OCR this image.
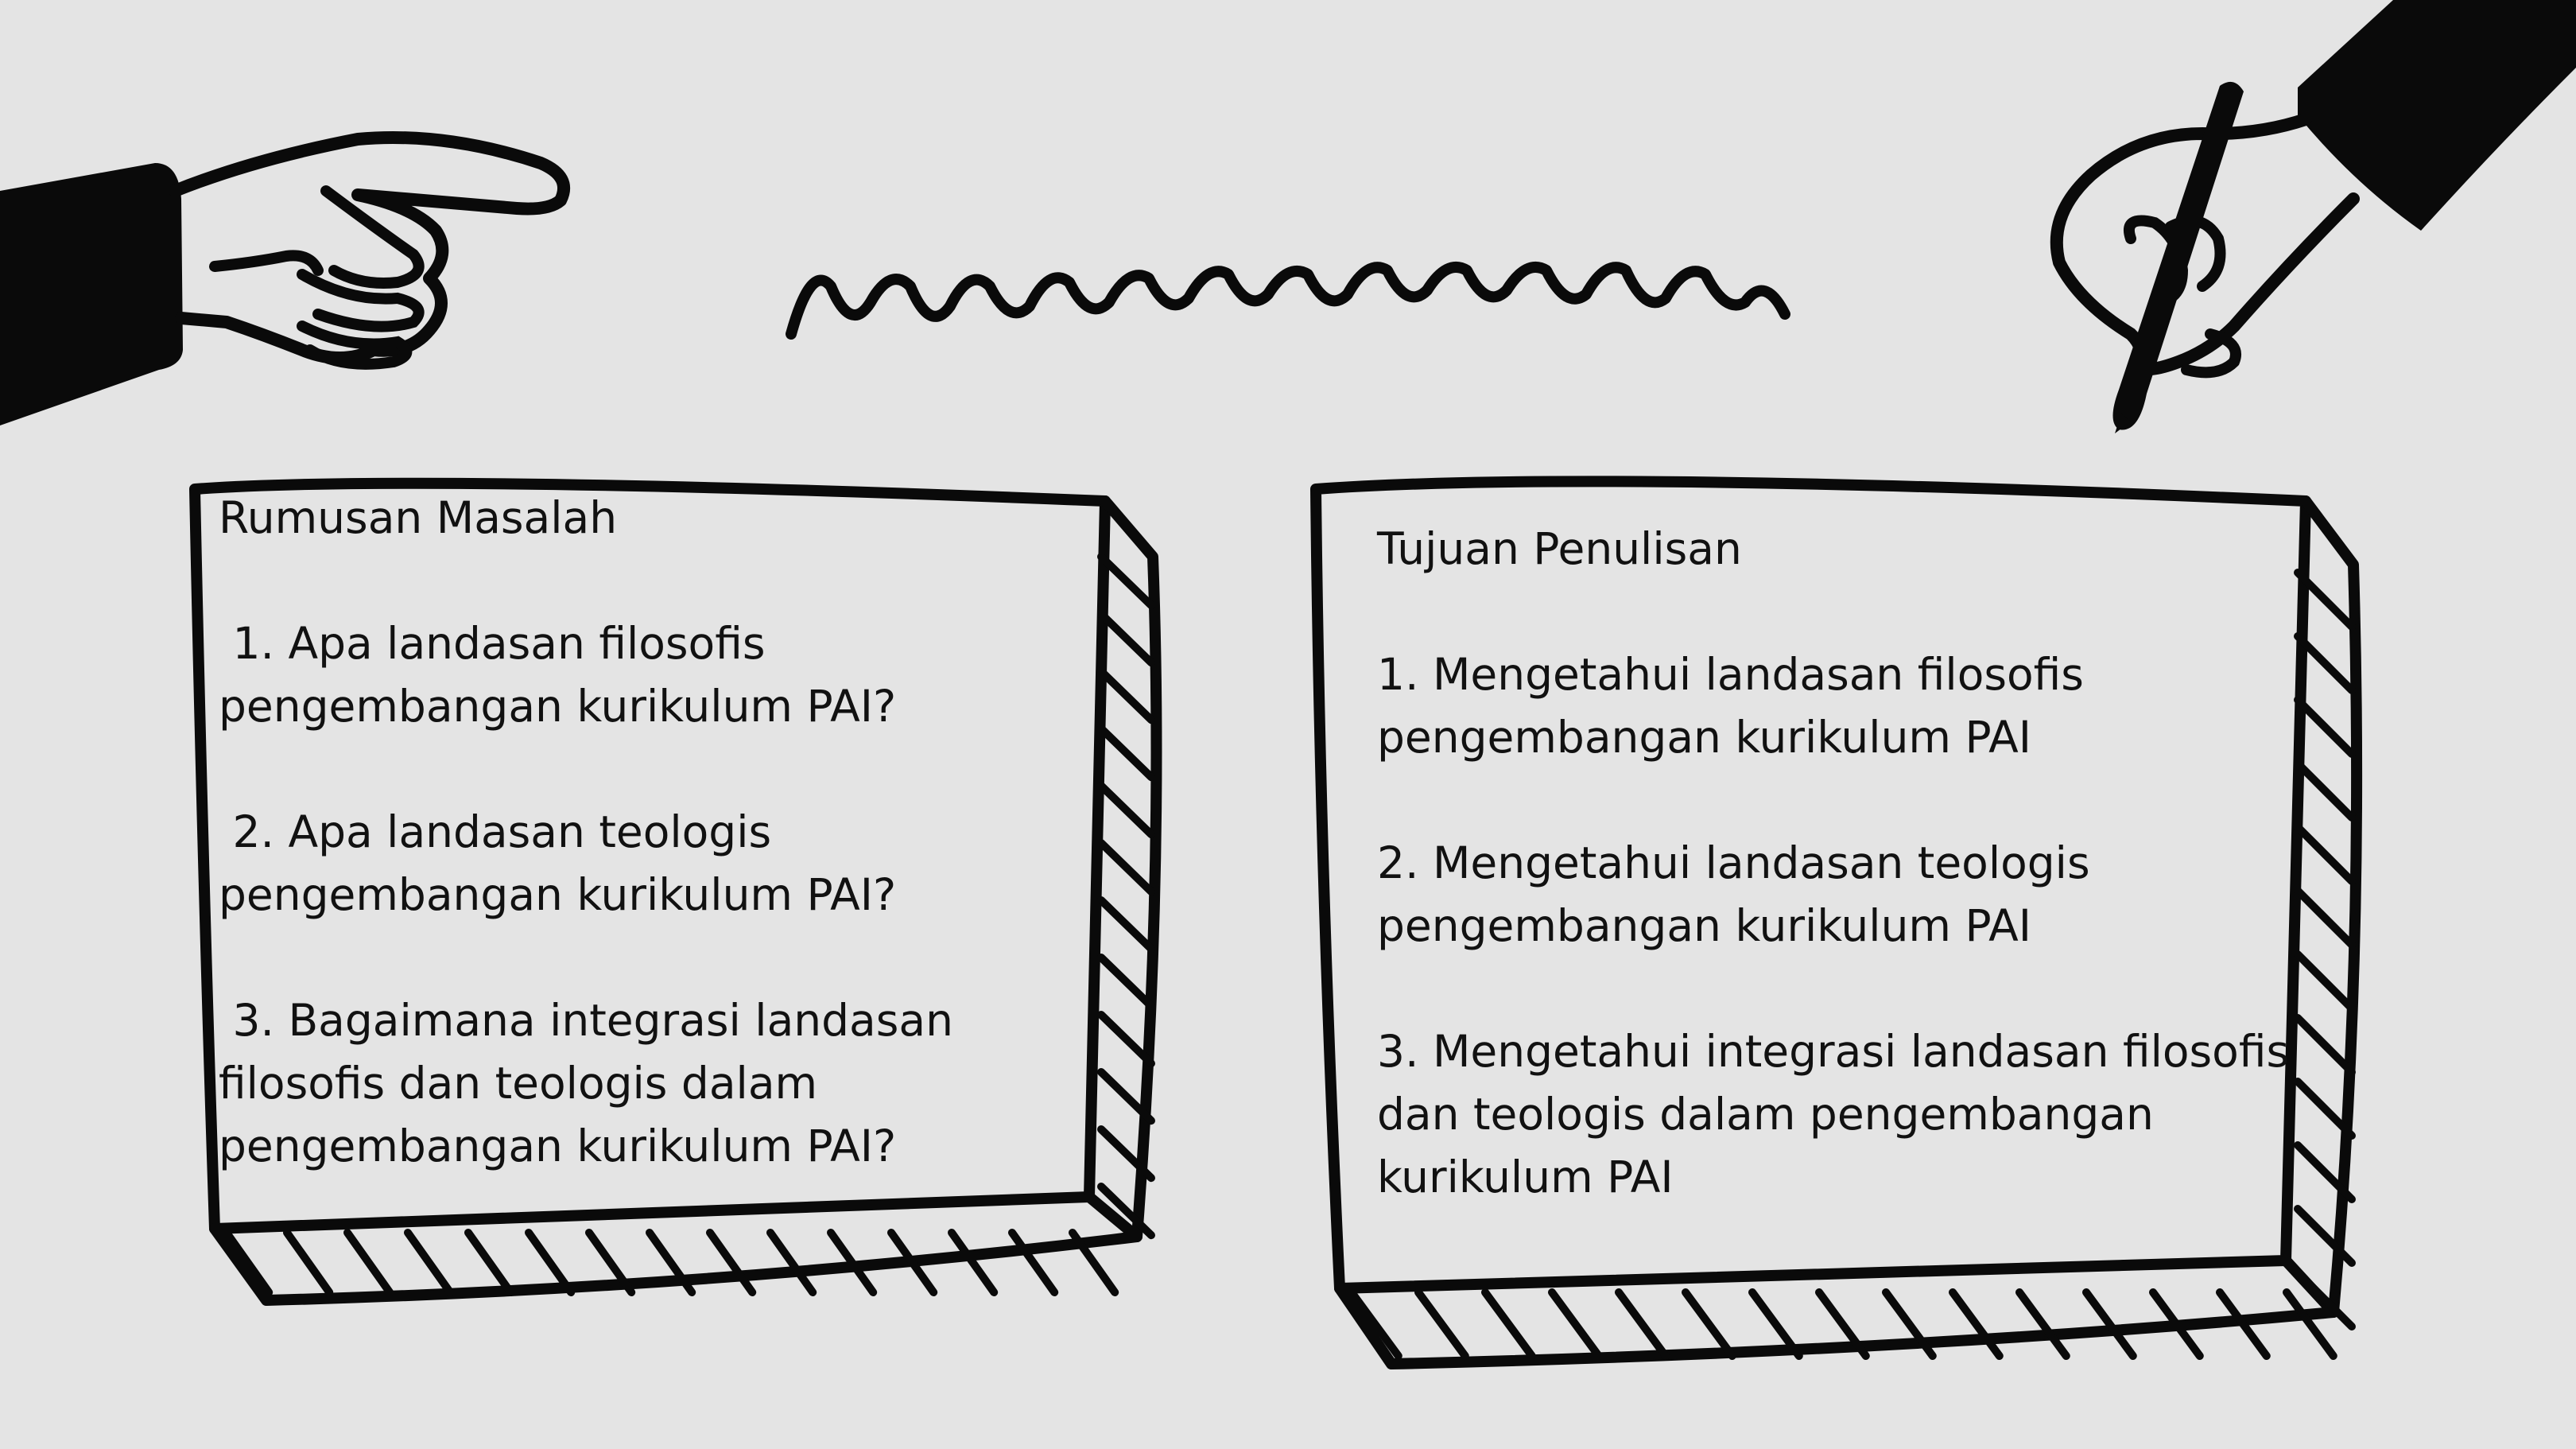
Rumusan Masalah

1. Apa landasan filosofis

pengembangan kurikulum PAI?

2. Apa landasan teologis

pengembangan kurikulum PAI?

3. Bagaimana integrasi landasan

filosofis dan teologis dalam

pengembangan kurikulum PAI?

Tujuan Penulisan

1. Mengetahui landasan filosofis

pengembangan kurikulum PAI

2. Mengetahui landasan teologis

pengembangan kurikulum PAI

3. Mengetahui integrasi landasan filosofis

dan teologis dalam pengembangan

kurikulum PAI
